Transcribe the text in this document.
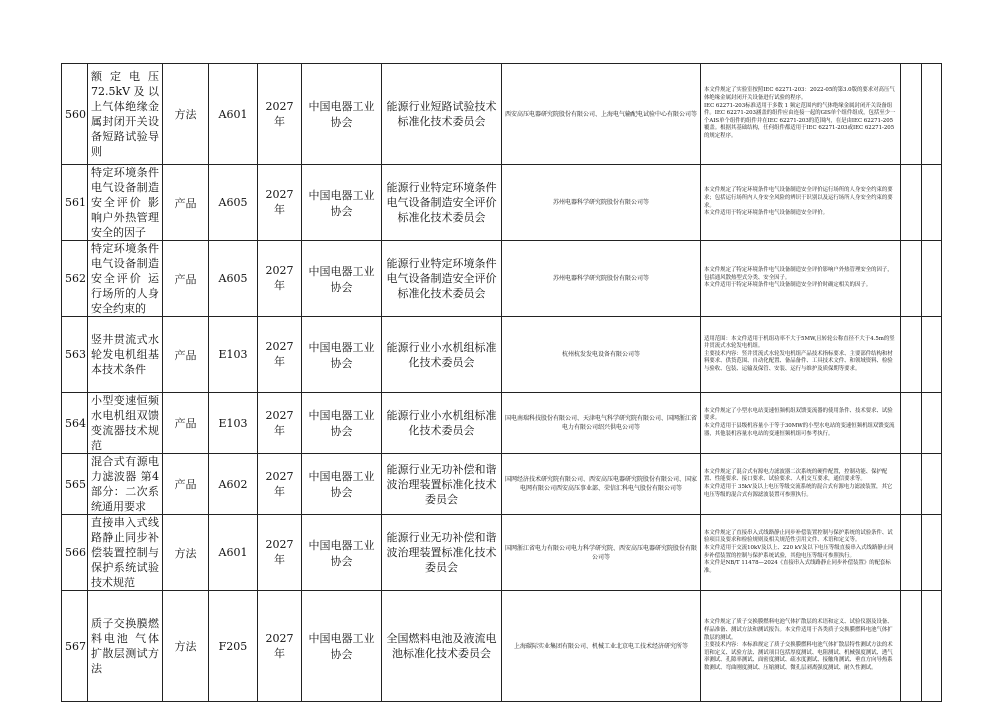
560	额定电压72.5kV及以上气体绝缘金属封闭开关设备短路试验导则	方法	A601	2027年	中国电器工业协会	能源行业短路试验技术标准化技术委员会	西安高压电器研究院股份有限公司、上海电气输配电试验中心有限公司等	本文件规定了实验室按照IEC 62271-203：2022-05的第3.0版的要求对高压气体绝缘金属封闭开关设备进行试验的程序。
IEC 62271-203标准适用于多数 1 频定范围内的气体绝缘金属封闭开关设备组件。IEC 62271-203涵盖的组件应由连接一起的GIS单个组件组成，包括至少一个AIS单个组件的组件并在IEC 62271-203的范围内，在是由IEC 62271-205覆盖。根据其基础结构，任何组件都适用于IEC 62271-203或IEC 62271-205的规定程序。		

561	特定环境条件 电气设备制造安全评价 影响户外热管理安全的因子	产品	A605	2027年	中国电器工业协会	能源行业特定环境条件电气设备制造安全评价标准化技术委员会	苏州电器科学研究院股份有限公司等	本文件规定了特定环境条件电气设备制造安全评价运行场所的人身安全约束的要求；包括运行场所内人身安全风险的辨识于识别以及运行场所人身安全约束的要求。
本文件适用于特定环境条件电气设备制造安全评价。		

562	特定环境条件 电气设备制造安全评价 运行场所的人身安全约束的	产品	A605	2027年	中国电器工业协会	能源行业特定环境条件电气设备制造安全评价标准化技术委员会	苏州电器科学研究院股份有限公司等	本文件规定了特定环境条件电气设备制造安全评价影响户外热管理安全的因子，包括通风散热型式分类、安全因子。
本文件适用于特定环境条件电气设备制造安全评价时确定相关的因子。		

563	竖井贯流式水轮发电机组基本技术条件	产品	E103	2027年	中国电器工业协会	能源行业小水机组标准化技术委员会	杭州杭发发电设备有限公司等	适用范围：本文件适用于机组功率不大于5MW,且转轮公称直径不大于4.5m的竖井贯流式水轮发电机组。
主要技术内容：竖井贯流式水轮发电机组产品技术指标要求、主要部件结构和材料要求、供货范围、自动化配置、备品备件、工具技术文件、和领域资料、检验与验收、包装、运输及保管、安装、运行与维护及质保期等要求。		

564	小型变速恒频水电机组双馈变流器技术规范	产品	E103	2027年	中国电器工业协会	能源行业小水机组标准化技术委员会	国电南瑞科技股份有限公司、天津电气科学研究院有限公司、国网浙江省电力有限公司绍兴供电公司等	本文件规定了小型水电站变速恒频机组双馈变流器的使用条件、技术要求、试验要求。
本文件适用于县级机容量小于等于30MW的小型水电站的变速恒频机组双馈变流器，其他装机容量水电站的变速恒频机组可参考执行。		

565	混合式有源电力滤波器 第4部分：二次系统通用要求	产品	A602	2027年	中国电器工业协会	能源行业无功补偿和谐波治理装置标准化技术委员会	国网经济技术研究院有限公司、西安高压电器研究院股份有限公司、国家电网有限公司西安高压事业部、荣信汇科电气股份有限公司等	本文件规定了混合式有源电力滤波器二次系统的硬件配置，控制功能、保护配置、性能要求、接口要求、试验要求、人机交互要求，通信要求等。
本文件适用于 35kV及以上电压等级交流系统的混合式有源电力滤波装置，其它电压等级的混合式有源滤波装置可参照执行。		

566	直接串入式线路静止同步补偿装置控制与保护系统试验技术规范	方法	A601	2027年	中国电器工业协会	能源行业无功补偿和谐波治理装置标准化技术委员会	国网浙江省电力有限公司电力科学研究院、西安高压电器研究院股份有限公司等	本文件规定了直接串入式线路静止同步补偿装置控制与保护系统的试验条件、试验项目及要求和检验规则及相关规范性引用文件、术语和定义等。
本文件适用于交流10kV及以上、220 kV及以下电压等级直接串入式线路静止同步补偿装置的控制与保护系统试验，其他电压等级可参照执行。
本文件是NB/T 11478—2024《直接串入式线路静止同步补偿装置》的配套标准。		

567	质子交换膜燃料电池 气体扩散层测试方法	方法	F205	2027年	中国电器工业协会	全国燃料电池及液流电池标准化技术委员会	上海碳际实业集团有限公司、机械工业北京电工技术经济研究所等	本文件规定了质子交换膜燃料电池气体扩散层的术语和定义、试验仪器及设备、样品准备、测试方法和测试报告。本文件适用于各类质子交换膜燃料电池气体扩散层的测试。
主要技术内容：本标准规定了质子交换膜燃料电池气体扩散层特性测试方法的术语和定义、试验方法、测试项目包括厚度测试、电阻测试、机械强度测试、透气率测试、孔隙率测试、面密度测试、疏水度测试、接触角测试、垂直方向导热系数测试、弯曲刚度测试、压缩测试、微孔层剥离强度测试、耐久性测试。		
